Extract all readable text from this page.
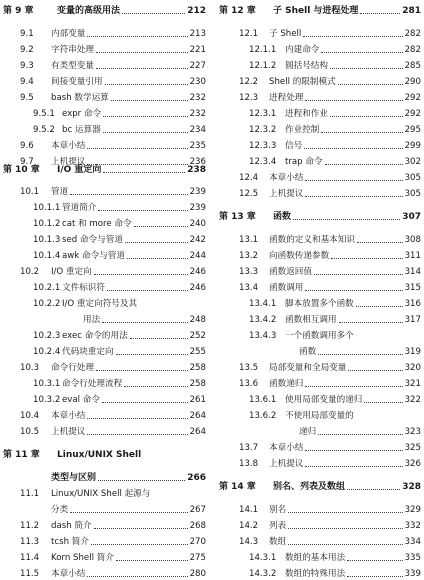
第 9 章	变量的高级用法	212
9.1	内部变量	213
9.2	字符串处理	221
9.3	有类型变量	227
9.4	间接变量引用	230
9.5	bash 数学运算	232
9.5.1 expr 命令	232
9.5.2 bc 运算器	234
9.6	本章小结	235
9.7	上机提议	236
第 10 章	I/O 重定向	238
10.1	管道	239
10.1.1 管道简介	239
10.1.2 cat 和 more 命令	240
10.1.3 sed 命令与管道	242
10.1.4 awk 命令与管道	244
10.2	I/O 重定向	246
10.2.1 文件标识符	246
10.2.2 I/O 重定向符号及其
用法	248
10.2.3 exec 命令的用法	252
10.2.4 代码块重定向	255
10.3	命令行处理	258
10.3.1 命令行处理流程	258
10.3.2 eval 命令	261
10.4	本章小结	264
10.5	上机提议	264
第 11 章	Linux/UNIX Shell
类型与区别	266
11.1	Linux/UNIX Shell 起源与
分类	267
11.2	dash 简介	268
11.3	tcsh 简介	270
11.4	Korn Shell 简介	275
11.5	本章小结	280
第 12 章	子 Shell 与进程处理	281
12.1	子 Shell	282
12.1.1	内建命令	282
12.1.2	圆括号结构	285
12.2	Shell 的限制模式	290
12.3	进程处理	292
12.3.1	进程和作业	292
12.3.2	作业控制	295
12.3.3	信号	299
12.3.4	trap 命令	302
12.4	本章小结	305
12.5	上机提议	305
第 13 章	函数	307
13.1	函数的定义和基本知识	308
13.2	向函数传递参数	311
13.3	函数返回值	314
13.4	函数调用	315
13.4.1	脚本放置多个函数	316
13.4.2	函数相互调用	317
13.4.3	一个函数调用多个
函数	319
13.5	局部变量和全局变量	320
13.6	函数递归	321
13.6.1	使用局部变量的递归	322
13.6.2	不使用局部变量的
递归	323
13.7	本章小结	325
13.8	上机提议	326
第 14 章	别名、列表及数组	328
14.1	别名	329
14.2	列表	332
14.3	数组	334
14.3.1	数组的基本用法	335
14.3.2	数组的特殊用法	339
